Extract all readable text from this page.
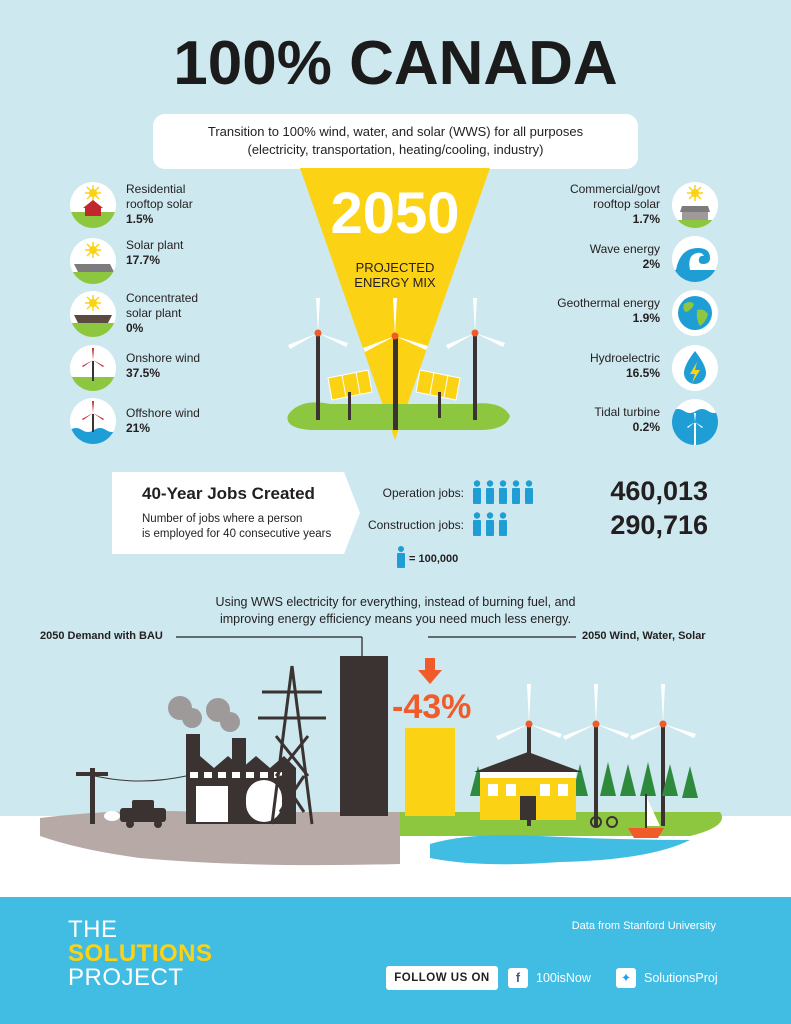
100% CANADA
Transition to 100% wind, water, and solar (WWS) for all purposes
(electricity, transportation, heating/cooling, industry)
2050
PROJECTED
ENERGY MIX
Residential
rooftop solar
1.5%
Solar plant
17.7%
Concentrated
solar plant
0%
Onshore wind
37.5%
Offshore wind
21%
Commercial/govt
rooftop solar
1.7%
Wave energy
2%
Geothermal energy
1.9%
Hydroelectric
16.5%
Tidal turbine
0.2%
40-Year Jobs Created
Number of jobs where a person
is employed for 40 consecutive years
Operation jobs:	460,013
Construction jobs:	290,716
= 100,000
Using WWS electricity for everything, instead of burning fuel, and
improving energy efficiency means you need much less energy.
2050 Demand with BAU	2050 Wind, Water, Solar
-43%
THE
SOLUTIONS
PROJECT
Data from Stanford University
FOLLOW US ON	f	100isNow	✦	SolutionsProj
